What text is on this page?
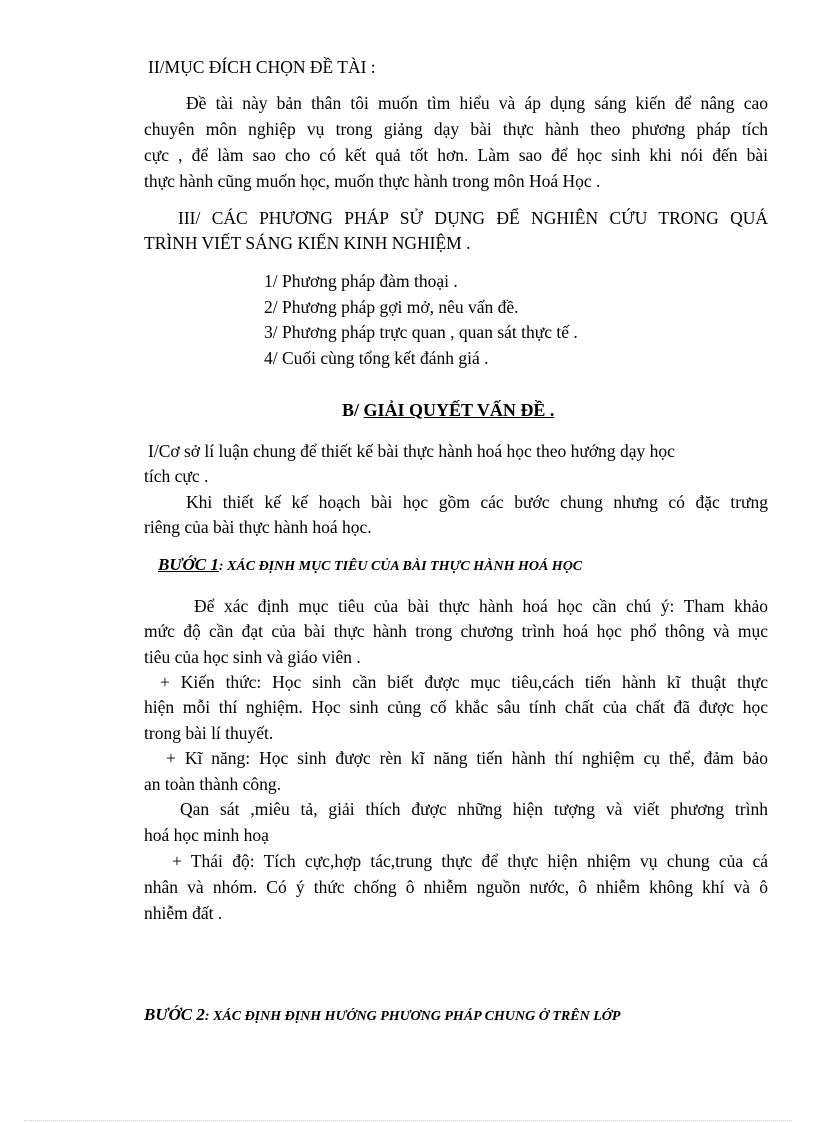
II/MỤC ĐÍCH CHỌN ĐỀ TÀI :

Đề tài này bản thân tôi muốn tìm hiểu và áp dụng sáng kiến để nâng cao

chuyên môn nghiệp vụ trong giảng dạy bài thực hành theo phương pháp tích

cực , để làm sao cho có kết quả tốt hơn. Làm sao để học sinh khi nói đến bài

thực hành cũng muốn học, muốn thực hành trong môn Hoá Học .

III/ CÁC PHƯƠNG PHÁP SỬ DỤNG ĐỂ NGHIÊN CỨU TRONG QUÁ

TRÌNH VIẾT SÁNG KIẾN KINH NGHIỆM .

1/ Phương pháp đàm thoại .

2/ Phương pháp gợi mở, nêu vấn đề.

3/ Phương pháp trực quan , quan sát thực tế .

4/ Cuối cùng tổng kết đánh giá .

B/ GIẢI QUYẾT VẤN ĐỀ .

I/Cơ sở lí luận chung để thiết kế bài thực hành hoá học theo hướng dạy học

tích cực .

Khi thiết kế kế hoạch bài học gồm các bước chung nhưng có đặc trưng

riêng của bài thực hành hoá học.

BƯỚC 1: XÁC ĐỊNH MỤC TIÊU CỦA BÀI THỰC HÀNH HOÁ HỌC

Để xác định mục tiêu của bài thực hành hoá học cần chú ý: Tham khảo

mức độ cần đạt của bài thực hành trong chương trình hoá học phổ thông và mục

tiêu của học sinh và giáo viên .

+ Kiến thức: Học sinh cần biết được mục tiêu,cách tiến hành kĩ thuật thực

hiện mỗi thí nghiệm. Học sinh củng cố khắc sâu tính chất của chất đã được học

trong bài lí thuyết.

+ Kĩ năng: Học sinh được rèn kĩ năng tiến hành thí nghiệm cụ thể, đảm bảo

an toàn thành công.

Qan sát ,miêu tả, giải thích được những hiện tượng và viết phương trình

hoá học minh hoạ

+ Thái độ: Tích cực,hợp tác,trung thực để thực hiện nhiệm vụ chung của cá

nhân và nhóm. Có ý thức chống ô nhiễm nguồn nước, ô nhiễm không khí và ô

nhiễm đất .

BƯỚC 2: XÁC ĐỊNH ĐỊNH HƯỚNG PHƯƠNG PHÁP CHUNG Ở TRÊN LỚP
